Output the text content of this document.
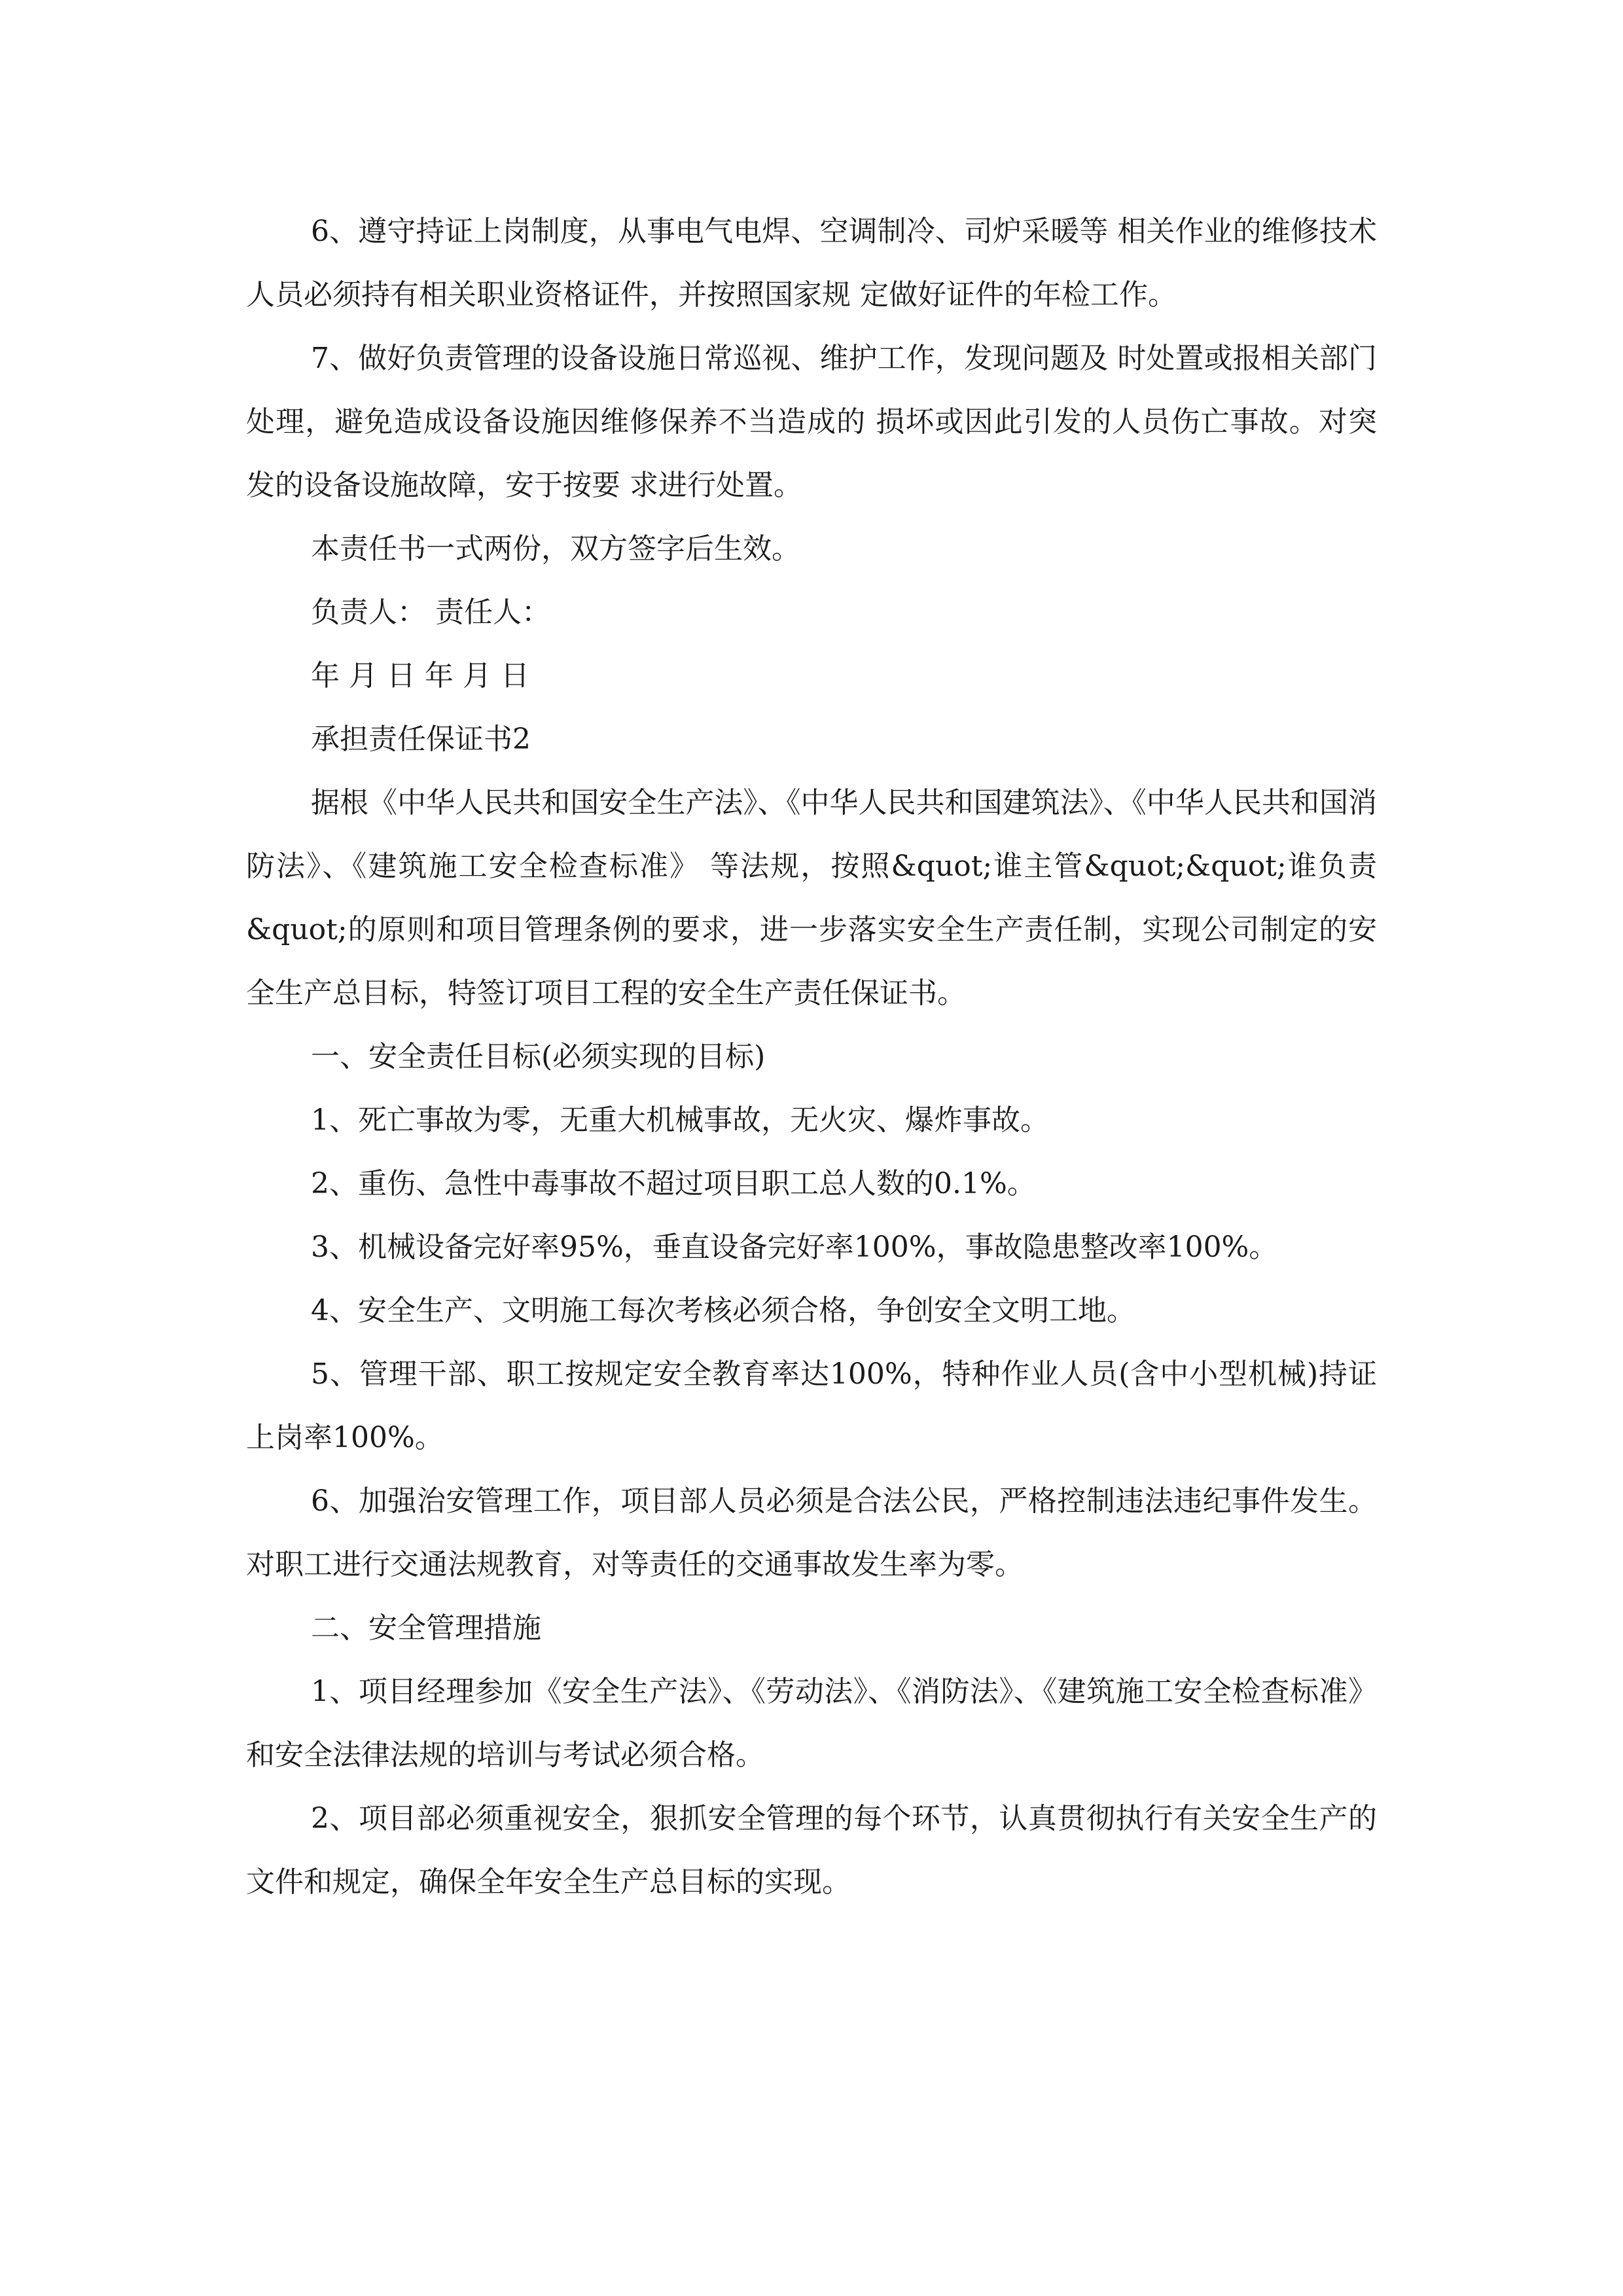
6、遵守持证上岗制度，从事电气电焊、空调制冷、司炉采暖等 相关作业的维修技术人员必须持有相关职业资格证件，并按照国家规 定做好证件的年检工作。

7、做好负责管理的设备设施日常巡视、维护工作，发现问题及 时处置或报相关部门处理，避免造成设备设施因维修保养不当造成的 损坏或因此引发的人员伤亡事故。对突发的设备设施故障，安于按要 求进行处置。

本责任书一式两份，双方签字后生效。

负责人： 责任人：

年 月 日 年 月 日

承担责任保证书2

据根《中华人民共和国安全生产法》、《中华人民共和国建筑法》、《中华人民共和国消防法》、《建筑施工安全检查标准》 等法规，按照&quot;谁主管&quot;&quot;谁负责&quot;的原则和项目管理条例的要求，进一步落实安全生产责任制，实现公司制定的安全生产总目标，特签订项目工程的安全生产责任保证书。

一、安全责任目标(必须实现的目标)

1、死亡事故为零，无重大机械事故，无火灾、爆炸事故。

2、重伤、急性中毒事故不超过项目职工总人数的0.1%。

3、机械设备完好率95%，垂直设备完好率100%，事故隐患整改率100%。

4、安全生产、文明施工每次考核必须合格，争创安全文明工地。

5、管理干部、职工按规定安全教育率达100%，特种作业人员(含中小型机械)持证上岗率100%。

6、加强治安管理工作，项目部人员必须是合法公民，严格控制违法违纪事件发生。对职工进行交通法规教育，对等责任的交通事故发生率为零。

二、安全管理措施

1、项目经理参加《安全生产法》、《劳动法》、《消防法》、《建筑施工安全检查标准》和安全法律法规的培训与考试必须合格。

2、项目部必须重视安全，狠抓安全管理的每个环节，认真贯彻执行有关安全生产的文件和规定，确保全年安全生产总目标的实现。
